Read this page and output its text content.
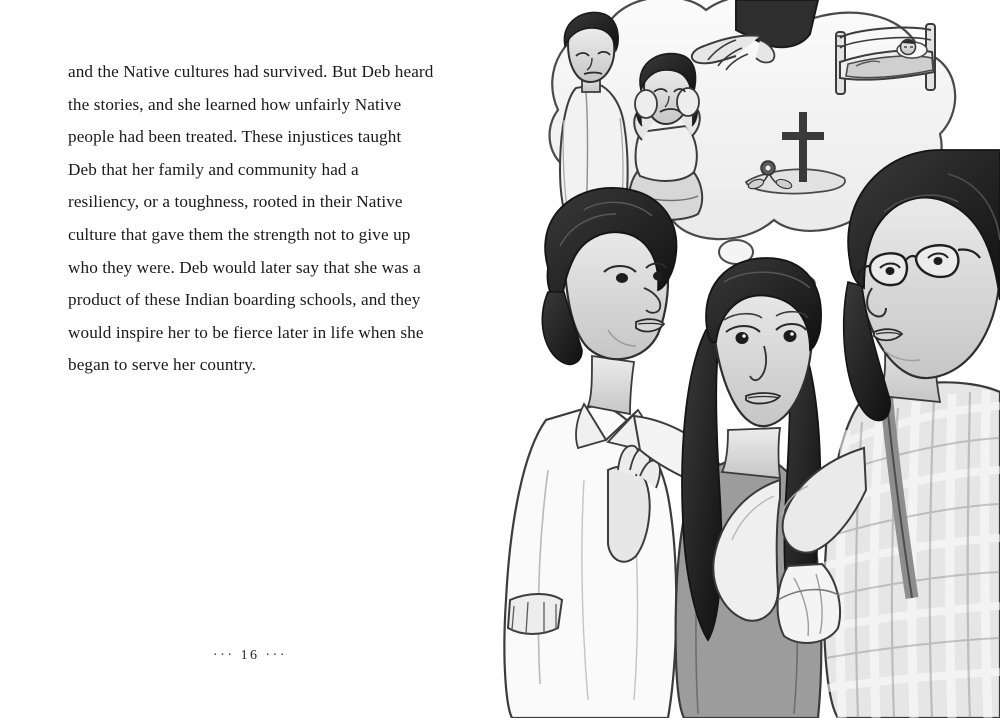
and the Native cultures had survived. But Deb heard the stories, and she learned how unfairly Native people had been treated. These injustices taught Deb that her family and community had a resiliency, or a toughness, rooted in their Native culture that gave them the strength not to give up who they were. Deb would later say that she was a product of these Indian boarding schools, and they would inspire her to be fierce later in life when she began to serve her country.
··· 16 ···
